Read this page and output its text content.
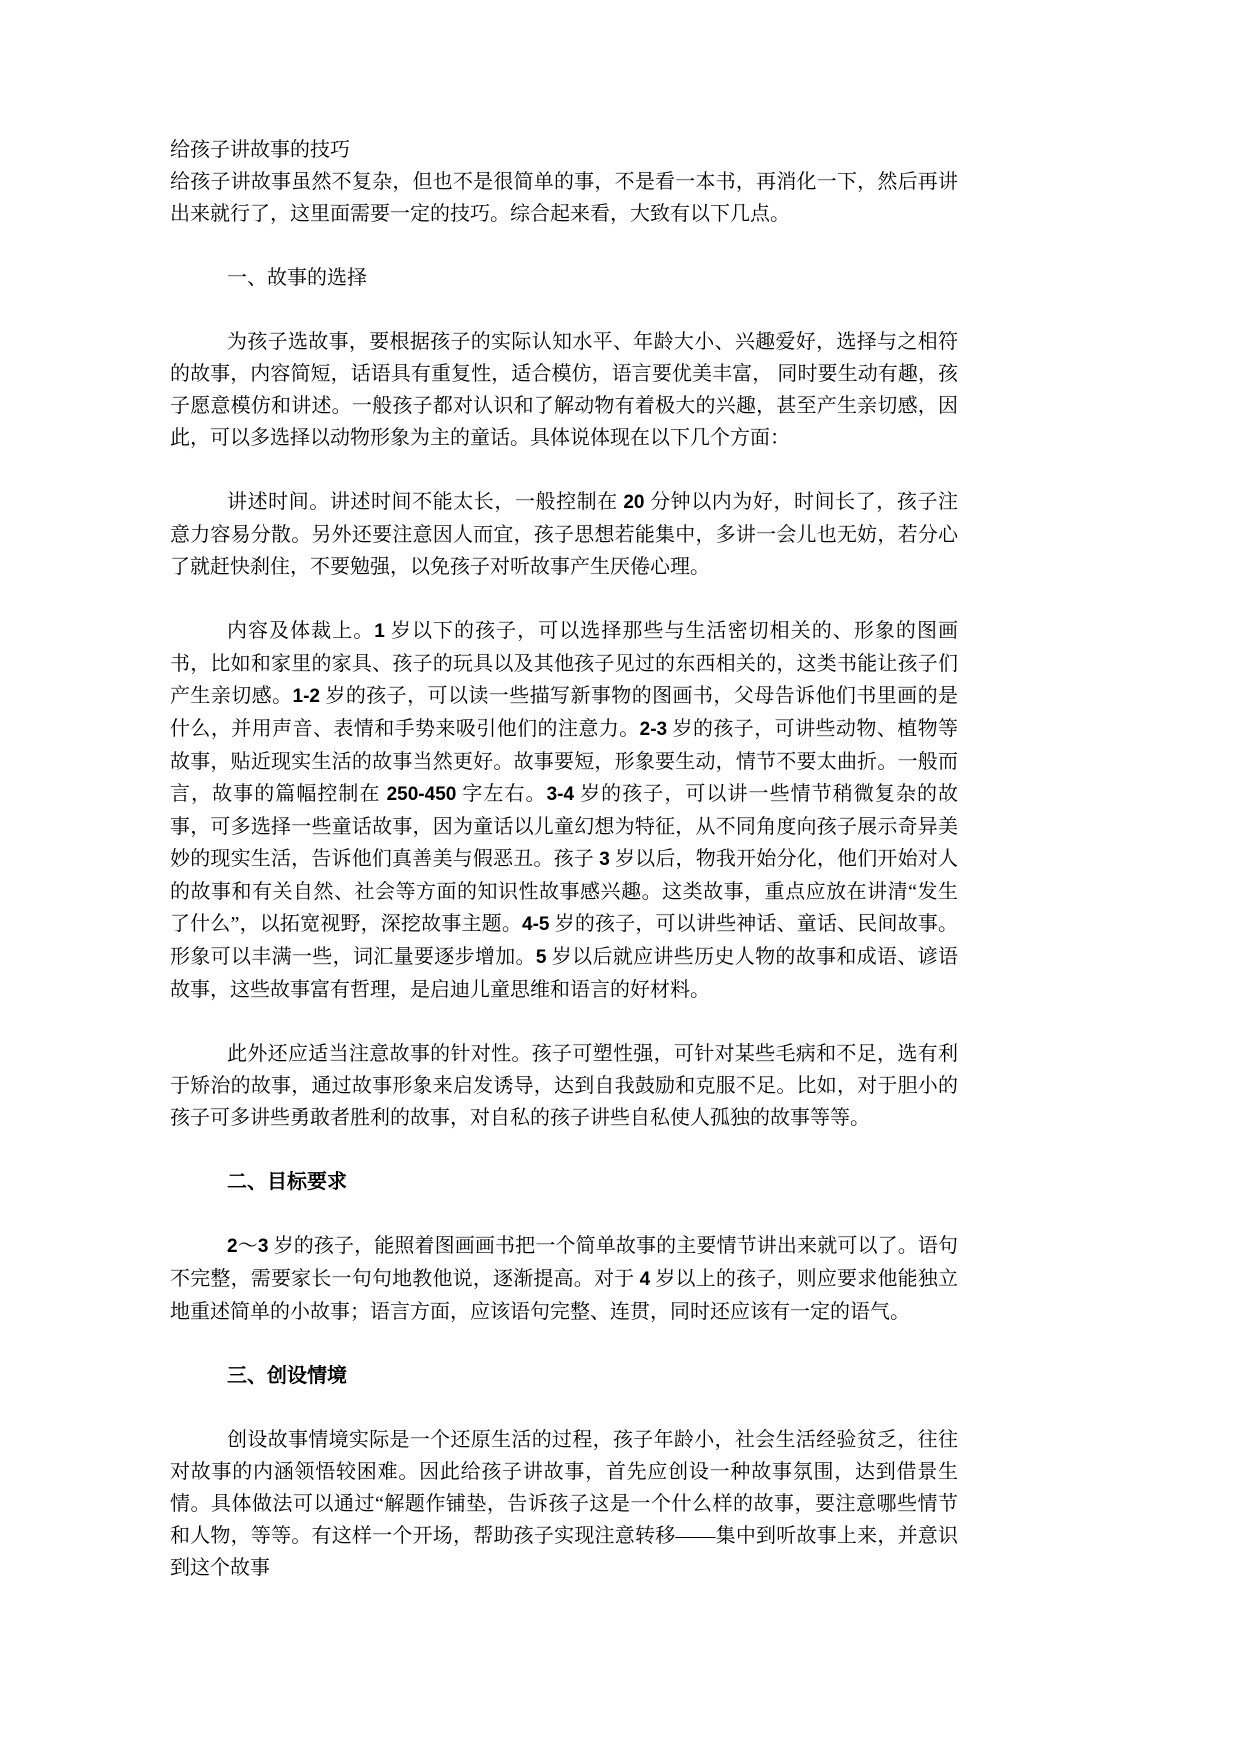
给孩子讲故事的技巧

给孩子讲故事虽然不复杂，但也不是很简单的事，不是看一本书，再消化一下，然后再讲出来就行了，这里面需要一定的技巧。综合起来看，大致有以下几点。

一、故事的选择

为孩子选故事，要根据孩子的实际认知水平、年龄大小、兴趣爱好，选择与之相符的故事，内容简短，话语具有重复性，适合模仿，语言要优美丰富， 同时要生动有趣，孩子愿意模仿和讲述。一般孩子都对认识和了解动物有着极大的兴趣，甚至产生亲切感，因此，可以多选择以动物形象为主的童话。具体说体现在以下几个方面：

讲述时间。讲述时间不能太长，一般控制在 20 分钟以内为好，时间长了，孩子注意力容易分散。另外还要注意因人而宜，孩子思想若能集中，多讲一会儿也无妨，若分心了就赶快刹住，不要勉强，以免孩子对听故事产生厌倦心理。

内容及体裁上。1 岁以下的孩子，可以选择那些与生活密切相关的、形象的图画书，比如和家里的家具、孩子的玩具以及其他孩子见过的东西相关的，这类书能让孩子们产生亲切感。1-2 岁的孩子，可以读一些描写新事物的图画书，父母告诉他们书里画的是什么，并用声音、表情和手势来吸引他们的注意力。2-3 岁的孩子，可讲些动物、植物等故事，贴近现实生活的故事当然更好。故事要短，形象要生动，情节不要太曲折。一般而言，故事的篇幅控制在 250-450 字左右。3-4 岁的孩子，可以讲一些情节稍微复杂的故事，可多选择一些童话故事，因为童话以儿童幻想为特征，从不同角度向孩子展示奇异美妙的现实生活，告诉他们真善美与假恶丑。孩子 3 岁以后，物我开始分化，他们开始对人的故事和有关自然、社会等方面的知识性故事感兴趣。这类故事，重点应放在讲清“发生了什么”，以拓宽视野，深挖故事主题。4-5 岁的孩子，可以讲些神话、童话、民间故事。形象可以丰满一些，词汇量要逐步增加。5 岁以后就应讲些历史人物的故事和成语、谚语故事，这些故事富有哲理，是启迪儿童思维和语言的好材料。

此外还应适当注意故事的针对性。孩子可塑性强，可针对某些毛病和不足，选有利于矫治的故事，通过故事形象来启发诱导，达到自我鼓励和克服不足。比如，对于胆小的孩子可多讲些勇敢者胜利的故事，对自私的孩子讲些自私使人孤独的故事等等。

二、目标要求

2～3 岁的孩子，能照着图画画书把一个简单故事的主要情节讲出来就可以了。语句不完整，需要家长一句句地教他说，逐渐提高。对于 4 岁以上的孩子，则应要求他能独立地重述简单的小故事；语言方面，应该语句完整、连贯，同时还应该有一定的语气。

三、创设情境

创设故事情境实际是一个还原生活的过程，孩子年龄小，社会生活经验贫乏，往往对故事的内涵领悟较困难。因此给孩子讲故事，首先应创设一种故事氛围，达到借景生情。具体做法可以通过“解题作铺垫，告诉孩子这是一个什么样的故事，要注意哪些情节和人物，等等。有这样一个开场，帮助孩子实现注意转移——集中到听故事上来，并意识到这个故事
